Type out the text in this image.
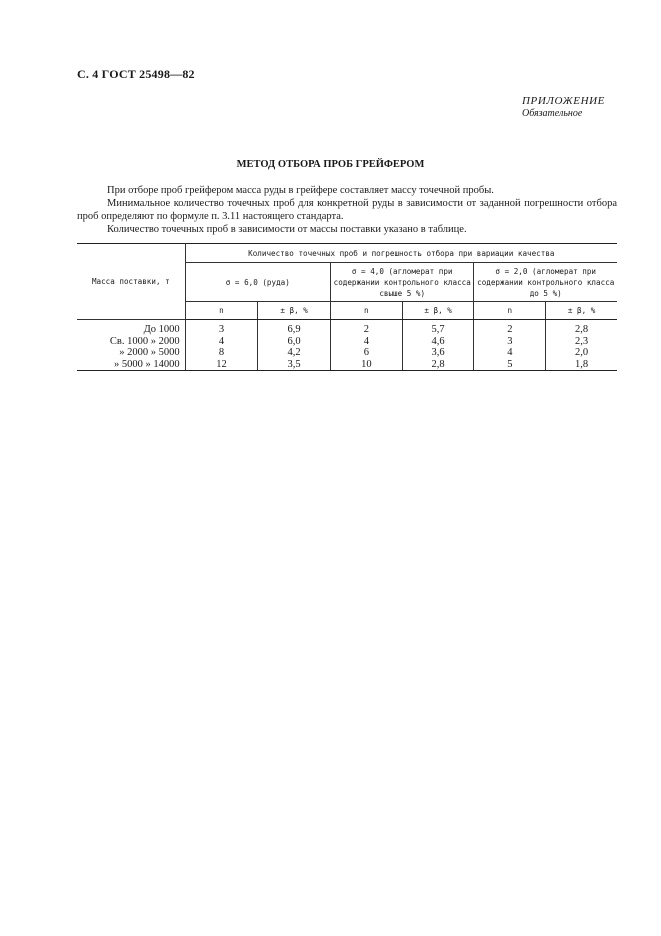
С. 4 ГОСТ 25498—82
ПРИЛОЖЕНИЕ
Обязательное
МЕТОД ОТБОРА ПРОБ ГРЕЙФЕРОМ

При отборе проб грейфером масса руды в грейфере составляет массу точечной пробы.

Минимальное количество точечных проб для конкретной руды в зависимости от заданной погрешности отбора проб определяют по формуле п. 3.11 настоящего стандарта.

Количество точечных проб в зависимости от массы поставки указано в таблице.

Масса поставки, т	Количество точечных проб и погрешность отбора при вариации качества					
	σ = 6,0 (руда)		σ = 4,0 (агломерат при содержании контрольного класса свыше 5 %)		σ = 2,0 (агломерат при содержании контрольного класса до 5 %)	
	n	± β, %	n	± β, %	n	± β, %
До 1000	3	6,9	2	5,7	2	2,8
Св. 1000 » 2000	4	6,0	4	4,6	3	2,3
» 2000 » 5000	8	4,2	6	3,6	4	2,0
» 5000 » 14000	12	3,5	10	2,8	5	1,8
